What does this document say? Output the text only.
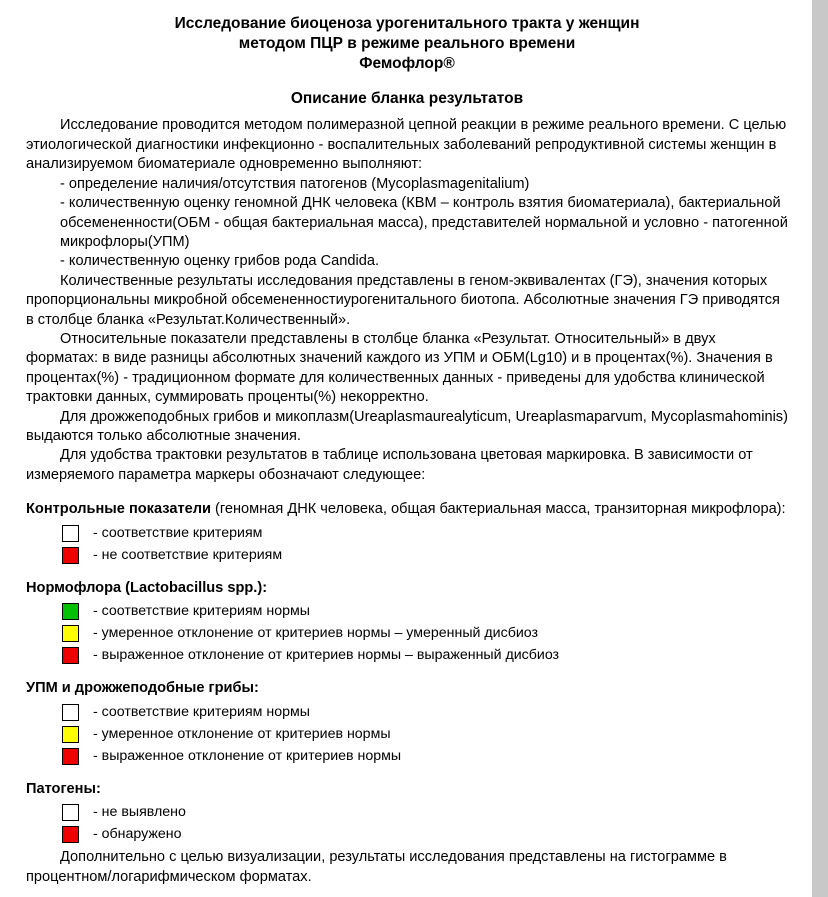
Исследование биоценоза урогенитального тракта у женщин
методом ПЦР в режиме реального времени
Фемофлор®
Описание бланка результатов

Исследование проводится методом полимеразной цепной реакции в режиме реального времени. С целью этиологической диагностики инфекционно - воспалительных заболеваний репродуктивной системы женщин в анализируемом биоматериале одновременно выполняют:

- определение наличия/отсутствия патогенов (Mycoplasmagenitalium)

- количественную оценку геномной ДНК человека (КВМ – контроль взятия биоматериала), бактериальной обсемененности(ОБМ - общая бактериальная масса), представителей нормальной и условно - патогенной микрофлоры(УПМ)

- количественную оценку грибов рода Candida.

Количественные результаты исследования представлены в геном-эквивалентах (ГЭ), значения которых пропорциональны микробной обсемененностиурогенитального биотопа. Абсолютные значения ГЭ приводятся в столбце бланка «Результат.Количественный».

Относительные показатели представлены в столбце бланка «Результат. Относительный» в двух форматах: в виде разницы абсолютных значений каждого из УПМ и ОБМ(Lg10) и в процентах(%). Значения в процентах(%) - традиционном формате для количественных данных - приведены для удобства клинической трактовки данных, суммировать проценты(%) некорректно.

Для дрожжеподобных грибов и микоплазм(Ureaplasmaurealyticum, Ureaplasmaparvum, Mycoplasmahominis) выдаются только абсолютные значения.

Для удобства трактовки результатов в таблице использована цветовая маркировка. В зависимости от измеряемого параметра маркеры обозначают следующее:

Контрольные показатели (геномная ДНК человека, общая бактериальная масса, транзиторная микрофлора):
- соответствие критериям
- не соответствие критериям
Нормофлора (Lactobacillus spp.):
- соответствие критериям нормы
- умеренное отклонение от критериев нормы – умеренный дисбиоз
- выраженное отклонение от критериев нормы – выраженный дисбиоз
УПМ и дрожжеподобные грибы:
- соответствие критериям нормы
- умеренное отклонение от критериев нормы
- выраженное отклонение от критериев нормы
Патогены:
- не выявлено
- обнаружено

Дополнительно с целью визуализации, результаты исследования представлены на гистограмме в процентном/логарифмическом форматах.
